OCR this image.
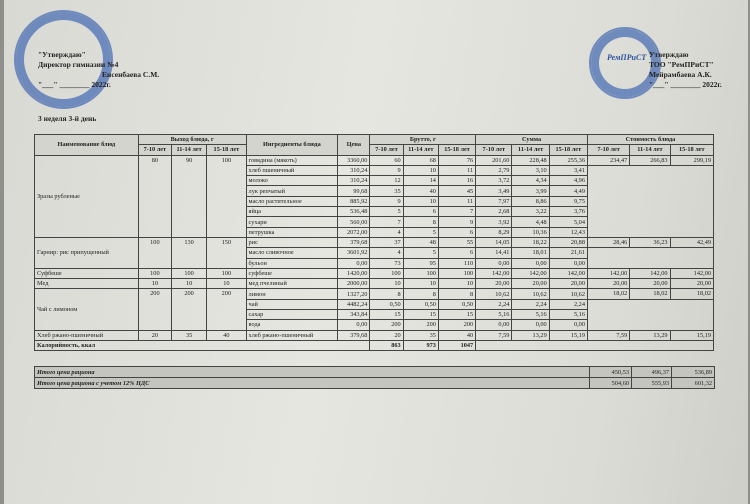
"Утверждаю"
Директор гимназии №4
Енсенбаева С.М.
"___" ________ 2022г.
РемПРиСТ Утверждаю
ТОО "РемПРиСТ"
Мейрамбаева А.К.
"___" ________ 2022г.
3 неделя 3-й день
Наименование блюд	Выход блюда, г			Ингредиенты блюда	Цена	Брутто, г			Сумма			Стоимость блюда		
	7-10 лет	11-14 лет	15-18 лет			7-10 лет	11-14 лет	15-18 лет	7-10 лет	11-14 лет	15-18 лет	7-10 лет	11-14 лет	15-18 лет
Зразы рубленые	80	90	100	говядина (мякоть)	3360,00	60	68	76	201,60	228,48	255,36	234,47	266,83	299,19
				хлеб пшеничный	310,24	9	10	11	2,79	3,10	3,41			
				молоко	310,24	12	14	16	3,72	4,34	4,96			
				лук репчатый	99,68	35	40	45	3,49	3,99	4,49			
				масло растительное	885,92	9	10	11	7,97	8,86	9,75			
				яйца	536,48	5	6	7	2,68	3,22	3,76			
				сухари	560,00	7	8	9	3,92	4,48	5,04			
				петрушка	2072,00	4	5	6	8,29	10,36	12,43			
Гарнир: рис припущенный	100	130	150	рис	379,68	37	48	55	14,05	18,22	20,88	28,46	36,23	42,49
				масло сливочное	3601,92	4	5	6	14,41	18,01	21,61			
				бульон	0,00	73	95	110	0,00	0,00	0,00			
Суфбеше	100	100	100	суфбеше	1420,00	100	100	100	142,00	142,00	142,00	142,00	142,00	142,00
Мед	10	10	10	мед пчелиный	2000,00	10	10	10	20,00	20,00	20,00	20,00	20,00	20,00
Чай с лимоном	200	200	200	лимон	1327,20	8	8	8	10,62	10,62	10,62	18,02	18,02	18,02
				чай	4482,24	0,50	0,50	0,50	2,24	2,24	2,24			
				сахар	343,84	15	15	15	5,16	5,16	5,16			
				вода	0,00	200	200	200	0,00	0,00	0,00			
Хлеб ржано-пшеничный	20	35	40	хлеб ржано-пшеничный	379,68	20	35	40	7,59	13,29	15,19	7,59	13,29	15,19
Калорийность, ккал						863	973	1047						
Итого цена рациона	450,53	496,37	536,89
Итого цена рациона с учетом 12% НДС	504,60	555,93	601,32
